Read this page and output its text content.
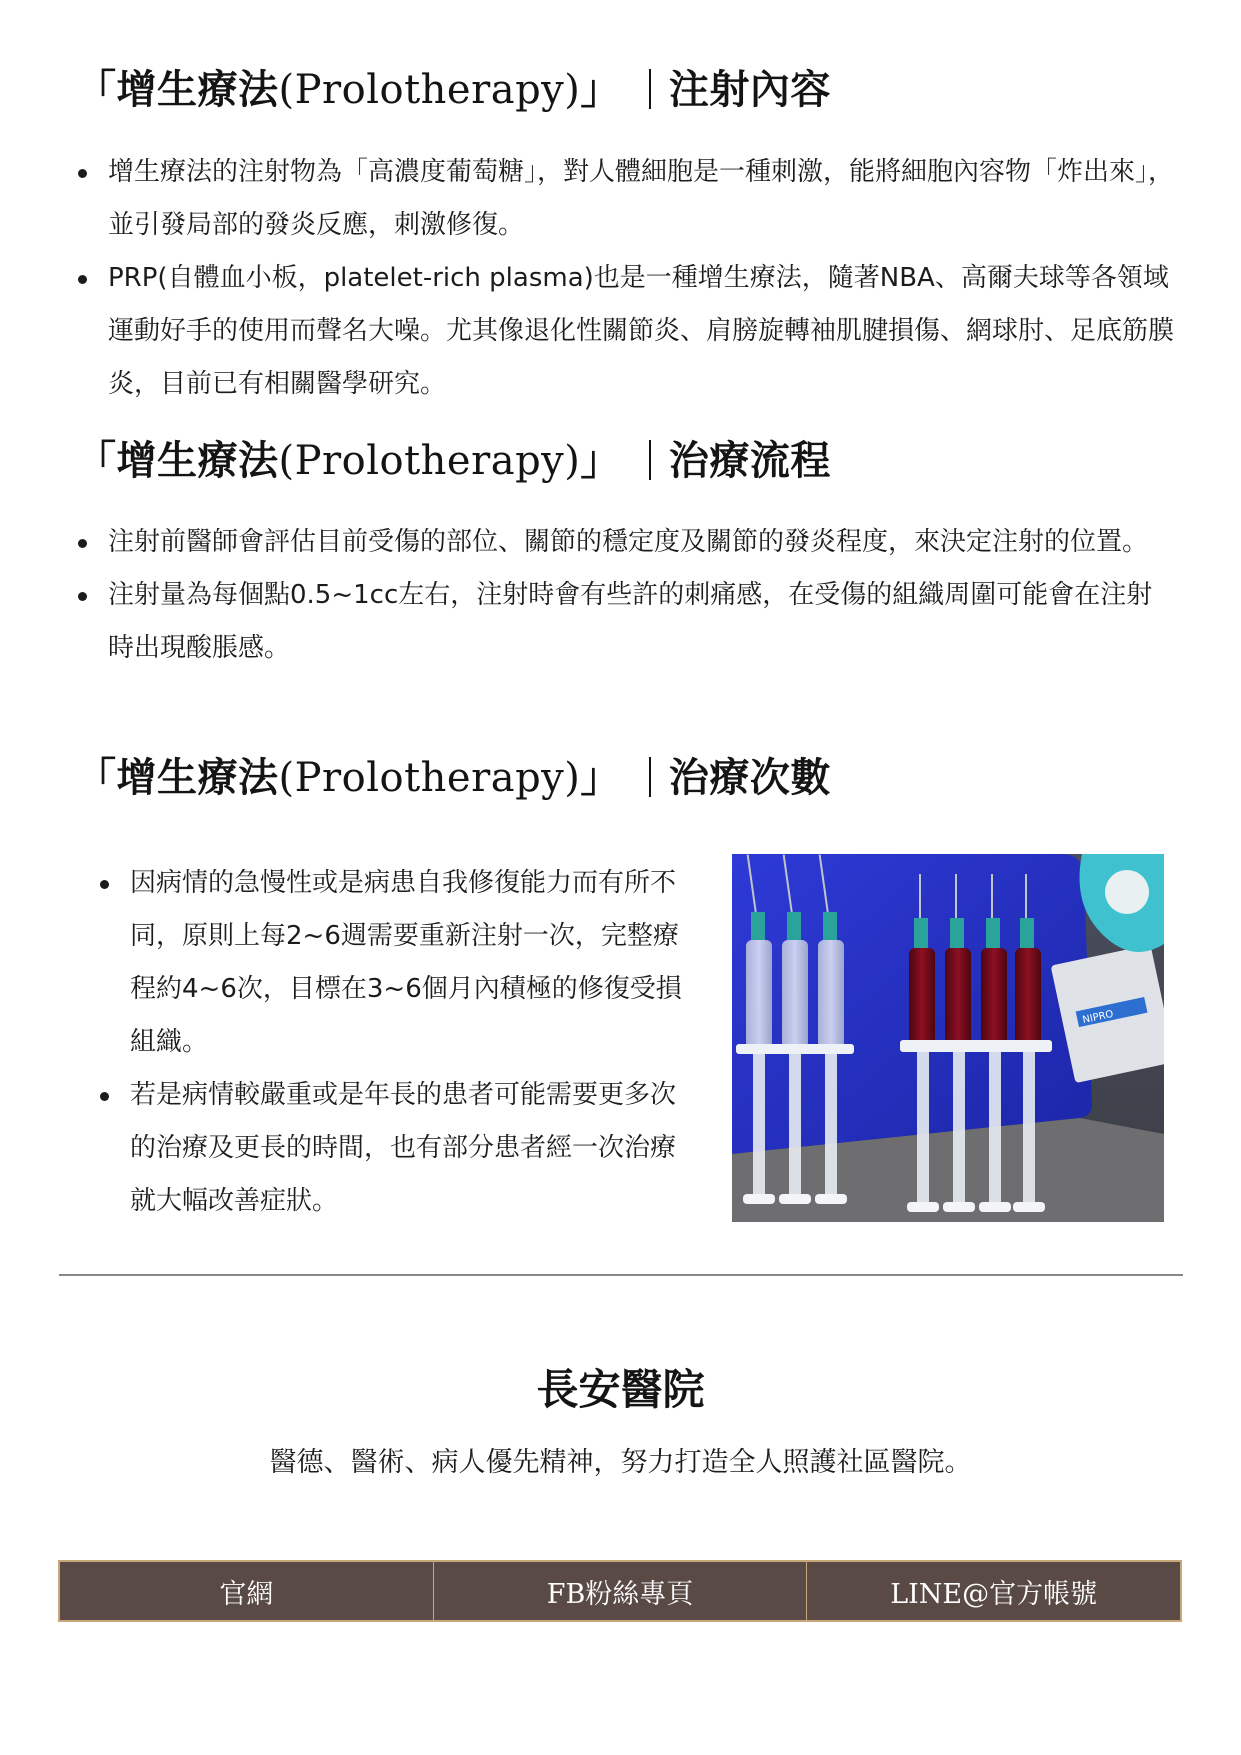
「增生療法(Prolotherapy)」 注射內容
增生療法的注射物為「高濃度葡萄糖」，對人體細胞是一種刺激，能將細胞內容物「炸出來」，並引發局部的發炎反應，刺激修復。
PRP(自體血小板，platelet-rich plasma)也是一種增生療法，隨著NBA、高爾夫球等各領域運動好手的使用而聲名大噪。尤其像退化性關節炎、肩膀旋轉袖肌腱損傷、網球肘、足底筋膜炎，目前已有相關醫學研究。
「增生療法(Prolotherapy)」 治療流程
注射前醫師會評估目前受傷的部位、關節的穩定度及關節的發炎程度，來決定注射的位置。
注射量為每個點0.5~1cc左右，注射時會有些許的刺痛感，在受傷的組織周圍可能會在注射時出現酸脹感。
「增生療法(Prolotherapy)」 治療次數
因病情的急慢性或是病患自我修復能力而有所不同，原則上每2~6週需要重新注射一次，完整療程約4~6次，目標在3~6個月內積極的修復受損組織。
若是病情較嚴重或是年長的患者可能需要更多次的治療及更長的時間，也有部分患者經一次治療就大幅改善症狀。
NIPRO
長安醫院

醫德、醫術、病人優先精神，努力打造全人照護社區醫院。

官網	FB粉絲專頁	LINE@官方帳號
